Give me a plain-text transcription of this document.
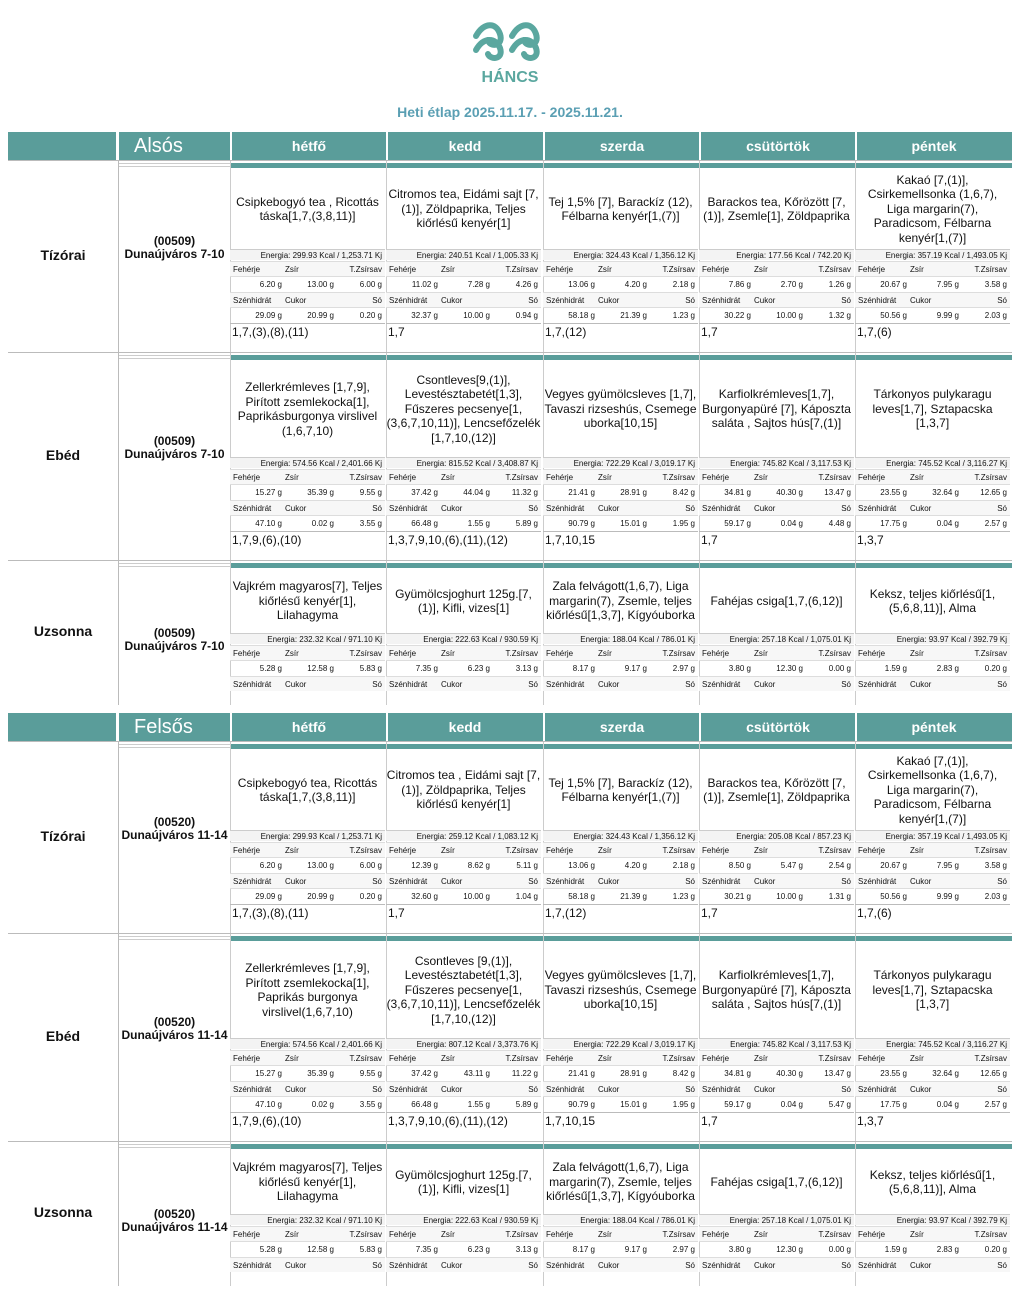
HÁNCS
Heti étlap 2025.11.17. - 2025.11.21.
Alsós	hétfő	kedd	szerda	csütörtök	péntek
Tízórai
(00509) Dunaújváros 7-10
Csipkebogyó tea , Ricottás táska[1,7,(3,8,11)]
Energia: 299.93 Kcal / 1,253.71 Kj
Fehérje	Zsír	T.Zsírsav
6.20 g	13.00 g	6.00 g
Szénhidrát Cukor	Só
29.09 g	20.99 g	0.20 g
1,7,(3),(8),(11)
Citromos tea, Eidámi sajt [7,(1)], Zöldpaprika, Teljes kiőrlésű kenyér[1]
Energia: 240.51 Kcal / 1,005.33 Kj
Fehérje	Zsír	T.Zsírsav
11.02 g	7.28 g	4.26 g
Szénhidrát Cukor	Só
32.37 g	10.00 g	0.94 g
1,7
Tej 1,5% [7], Barackíz (12), Félbarna kenyér[1,(7)]
Energia: 324.43 Kcal / 1,356.12 Kj
Fehérje	Zsír	T.Zsírsav
13.06 g	4.20 g	2.18 g
Szénhidrát Cukor	Só
58.18 g	21.39 g	1.23 g
1,7,(12)
Barackos tea, Kőrözött [7,(1)], Zsemle[1], Zöldpaprika
Energia: 177.56 Kcal / 742.20 Kj
Fehérje	Zsír	T.Zsírsav
7.86 g	2.70 g	1.26 g
Szénhidrát Cukor	Só
30.22 g	10.00 g	1.32 g
1,7
Kakaó [7,(1)], Csirkemellsonka (1,6,7), Liga margarin(7), Paradicsom, Félbarna kenyér[1,(7)]
Energia: 357.19 Kcal / 1,493.05 Kj
Fehérje	Zsír	T.Zsírsav
20.67 g	7.95 g	3.58 g
Szénhidrát Cukor	Só
50.56 g	9.99 g	2.03 g
1,7,(6)
Ebéd
(00509) Dunaújváros 7-10
Zellerkrémleves [1,7,9], Pirított zsemlekocka[1], Paprikásburgonya virslivel (1,6,7,10)
Energia: 574.56 Kcal / 2,401.66 Kj
Fehérje	Zsír	T.Zsírsav
15.27 g	35.39 g	9.55 g
Szénhidrát Cukor	Só
47.10 g	0.02 g	3.55 g
1,7,9,(6),(10)
Csontleves[9,(1)], Levestésztabetét[1,3], Fűszeres pecsenye[1,(3,6,7,10,11)], Lencsefőzelék [1,7,10,(12)]
Energia: 815.52 Kcal / 3,408.87 Kj
Fehérje	Zsír	T.Zsírsav
37.42 g	44.04 g	11.32 g
Szénhidrát Cukor	Só
66.48 g	1.55 g	5.89 g
1,3,7,9,10,(6),(11),(12)
Vegyes gyümölcsleves [1,7], Tavaszi rizseshús, Csemege uborka[10,15]
Energia: 722.29 Kcal / 3,019.17 Kj
Fehérje	Zsír	T.Zsírsav
21.41 g	28.91 g	8.42 g
Szénhidrát Cukor	Só
90.79 g	15.01 g	1.95 g
1,7,10,15
Karfiolkrémleves[1,7], Burgonyapüré [7], Káposzta saláta , Sajtos hús[7,(1)]
Energia: 745.82 Kcal / 3,117.53 Kj
Fehérje	Zsír	T.Zsírsav
34.81 g	40.30 g	13.47 g
Szénhidrát Cukor	Só
59.17 g	0.04 g	4.48 g
1,7
Tárkonyos pulykaragu leves[1,7], Sztapacska [1,3,7]
Energia: 745.52 Kcal / 3,116.27 Kj
Fehérje	Zsír	T.Zsírsav
23.55 g	32.64 g	12.65 g
Szénhidrát Cukor	Só
17.75 g	0.04 g	2.57 g
1,3,7
Uzsonna	(00509) Dunaújváros 7-10
Vajkrém magyaros[7], Teljes kiőrlésű kenyér[1], Lilahagyma
Energia: 232.32 Kcal / 971.10 Kj
Fehérje	Zsír	T.Zsírsav
5.28 g	12.58 g	5.83 g
Szénhidrát Cukor	Só
Gyümölcsjoghurt 125g.[7,(1)], Kifli, vizes[1]
Energia: 222.63 Kcal / 930.59 Kj
Fehérje	Zsír	T.Zsírsav
7.35 g	6.23 g	3.13 g
Szénhidrát Cukor	Só
Zala felvágott(1,6,7), Liga margarin(7), Zsemle, teljes kiőrlésű[1,3,7], Kígyóuborka
Energia: 188.04 Kcal / 786.01 Kj
Fehérje	Zsír	T.Zsírsav
8.17 g	9.17 g	2.97 g
Szénhidrát Cukor	Só
Fahéjas csiga[1,7,(6,12)]
Energia: 257.18 Kcal / 1,075.01 Kj
Fehérje	Zsír	T.Zsírsav
3.80 g	12.30 g	0.00 g
Szénhidrát Cukor	Só
Keksz, teljes kiőrlésű[1,(5,6,8,11)], Alma
Energia: 93.97 Kcal / 392.79 Kj
Fehérje	Zsír	T.Zsírsav
1.59 g	2.83 g	0.20 g
Szénhidrát Cukor	Só
Felsős	hétfő	kedd	szerda	csütörtök	péntek
Tízórai
(00520) Dunaújváros 11-14
Csipkebogyó tea, Ricottás táska[1,7,(3,8,11)]
Energia: 299.93 Kcal / 1,253.71 Kj
Fehérje	Zsír	T.Zsírsav
6.20 g	13.00 g	6.00 g
Szénhidrát Cukor	Só
29.09 g	20.99 g	0.20 g
1,7,(3),(8),(11)
Citromos tea , Eidámi sajt [7,(1)], Zöldpaprika, Teljes kiőrlésű kenyér[1]
Energia: 259.12 Kcal / 1,083.12 Kj
Fehérje	Zsír	T.Zsírsav
12.39 g	8.62 g	5.11 g
Szénhidrát Cukor	Só
32.60 g	10.00 g	1.04 g
1,7
Tej 1,5% [7], Barackíz (12), Félbarna kenyér[1,(7)]
Energia: 324.43 Kcal / 1,356.12 Kj
Fehérje	Zsír	T.Zsírsav
13.06 g	4.20 g	2.18 g
Szénhidrát Cukor	Só
58.18 g	21.39 g	1.23 g
1,7,(12)
Barackos tea, Kőrözött [7,(1)], Zsemle[1], Zöldpaprika
Energia: 205.08 Kcal / 857.23 Kj
Fehérje	Zsír	T.Zsírsav
8.50 g	5.47 g	2.54 g
Szénhidrát Cukor	Só
30.21 g	10.00 g	1.31 g
1,7
Kakaó [7,(1)], Csirkemellsonka (1,6,7), Liga margarin(7), Paradicsom, Félbarna kenyér[1,(7)]
Energia: 357.19 Kcal / 1,493.05 Kj
Fehérje	Zsír	T.Zsírsav
20.67 g	7.95 g	3.58 g
Szénhidrát Cukor	Só
50.56 g	9.99 g	2.03 g
1,7,(6)
Ebéd
(00520) Dunaújváros 11-14
Zellerkrémleves [1,7,9], Pirított zsemlekocka[1], Paprikás burgonya virslivel(1,6,7,10)
Energia: 574.56 Kcal / 2,401.66 Kj
Fehérje	Zsír	T.Zsírsav
15.27 g	35.39 g	9.55 g
Szénhidrát Cukor	Só
47.10 g	0.02 g	3.55 g
1,7,9,(6),(10)
Csontleves [9,(1)], Levestésztabetét[1,3], Fűszeres pecsenye[1,(3,6,7,10,11)], Lencsefőzelék [1,7,10,(12)]
Energia: 807.12 Kcal / 3,373.76 Kj
Fehérje	Zsír	T.Zsírsav
37.42 g	43.11 g	11.22 g
Szénhidrát Cukor	Só
66.48 g	1.55 g	5.89 g
1,3,7,9,10,(6),(11),(12)
Vegyes gyümölcsleves [1,7], Tavaszi rizseshús, Csemege uborka[10,15]
Energia: 722.29 Kcal / 3,019.17 Kj
Fehérje	Zsír	T.Zsírsav
21.41 g	28.91 g	8.42 g
Szénhidrát Cukor	Só
90.79 g	15.01 g	1.95 g
1,7,10,15
Karfiolkrémleves[1,7], Burgonyapüré [7], Káposzta saláta , Sajtos hús[7,(1)]
Energia: 745.82 Kcal / 3,117.53 Kj
Fehérje	Zsír	T.Zsírsav
34.81 g	40.30 g	13.47 g
Szénhidrát Cukor	Só
59.17 g	0.04 g	5.47 g
1,7
Tárkonyos pulykaragu leves[1,7], Sztapacska [1,3,7]
Energia: 745.52 Kcal / 3,116.27 Kj
Fehérje	Zsír	T.Zsírsav
23.55 g	32.64 g	12.65 g
Szénhidrát Cukor	Só
17.75 g	0.04 g	2.57 g
1,3,7
Uzsonna	(00520) Dunaújváros 11-14
Vajkrém magyaros[7], Teljes kiőrlésű kenyér[1], Lilahagyma
Energia: 232.32 Kcal / 971.10 Kj
Fehérje	Zsír	T.Zsírsav
5.28 g	12.58 g	5.83 g
Szénhidrát Cukor	Só
Gyümölcsjoghurt 125g.[7,(1)], Kifli, vizes[1]
Energia: 222.63 Kcal / 930.59 Kj
Fehérje	Zsír	T.Zsírsav
7.35 g	6.23 g	3.13 g
Szénhidrát Cukor	Só
Zala felvágott(1,6,7), Liga margarin(7), Zsemle, teljes kiőrlésű[1,3,7], Kígyóuborka
Energia: 188.04 Kcal / 786.01 Kj
Fehérje	Zsír	T.Zsírsav
8.17 g	9.17 g	2.97 g
Szénhidrát Cukor	Só
Fahéjas csiga[1,7,(6,12)]
Energia: 257.18 Kcal / 1,075.01 Kj
Fehérje	Zsír	T.Zsírsav
3.80 g	12.30 g	0.00 g
Szénhidrát Cukor	Só
Keksz, teljes kiőrlésű[1,(5,6,8,11)], Alma
Energia: 93.97 Kcal / 392.79 Kj
Fehérje	Zsír	T.Zsírsav
1.59 g	2.83 g	0.20 g
Szénhidrát Cukor	Só
